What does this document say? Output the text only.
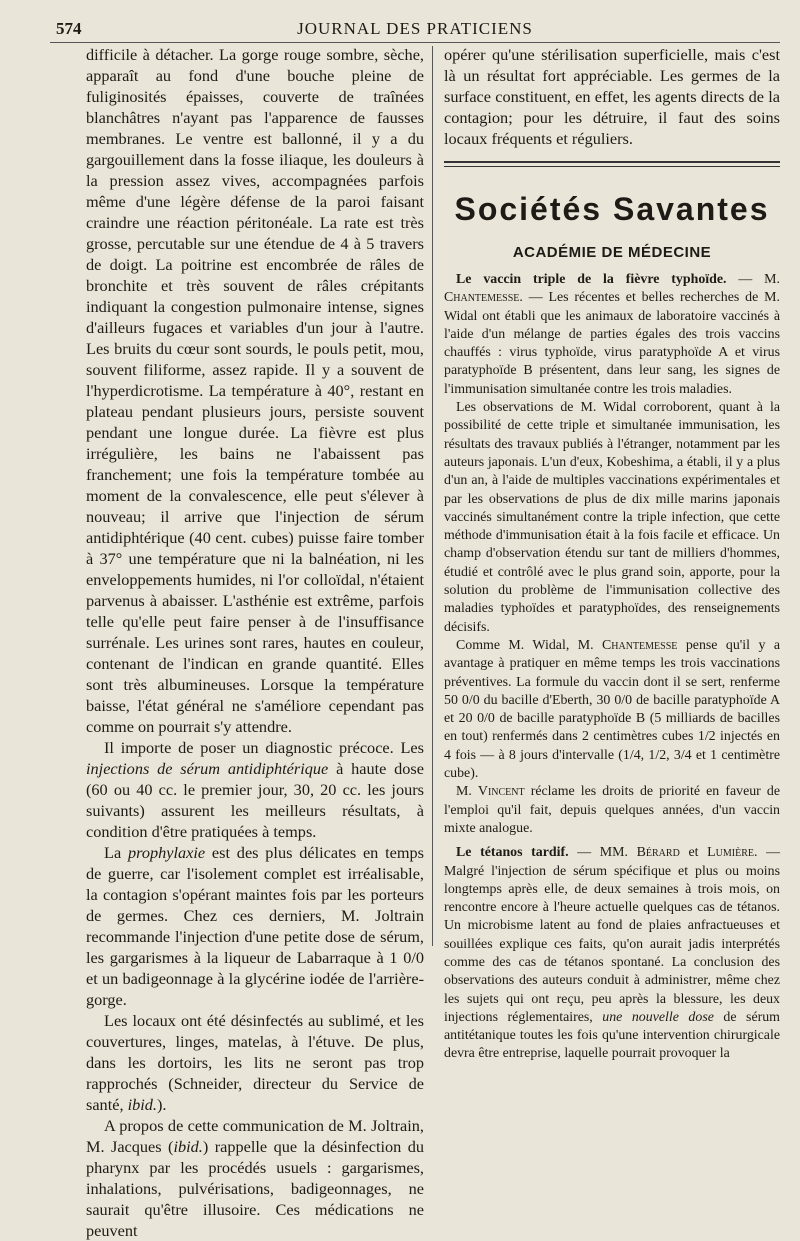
574	JOURNAL DES PRATICIENS

difficile à détacher. La gorge rouge sombre, sèche, apparaît au fond d'une bouche pleine de fuliginosités épaisses, couverte de traînées blanchâtres n'ayant pas l'apparence de fausses membranes. Le ventre est ballonné, il y a du gargouillement dans la fosse iliaque, les douleurs à la pression assez vives, accompagnées parfois même d'une légère défense de la paroi faisant craindre une réaction péritonéale. La rate est très grosse, percutable sur une étendue de 4 à 5 travers de doigt. La poitrine est encombrée de râles de bronchite et très souvent de râles crépitants indiquant la congestion pulmonaire intense, signes d'ailleurs fugaces et variables d'un jour à l'autre. Les bruits du cœur sont sourds, le pouls petit, mou, souvent filiforme, assez rapide. Il y a souvent de l'hyperdicrotisme. La température à 40°, restant en plateau pendant plusieurs jours, persiste souvent pendant une longue durée. La fièvre est plus irrégulière, les bains ne l'abaissent pas franchement; une fois la température tombée au moment de la convalescence, elle peut s'élever à nouveau; il arrive que l'injection de sérum antidiphtérique (40 cent. cubes) puisse faire tomber à 37° une température que ni la balnéation, ni les enveloppements humides, ni l'or colloïdal, n'étaient parvenus à abaisser. L'asthénie est extrême, parfois telle qu'elle peut faire penser à de l'insuffisance surrénale. Les urines sont rares, hautes en couleur, contenant de l'indican en grande quantité. Elles sont très albumineuses. Lorsque la température baisse, l'état général ne s'améliore cependant pas comme on pourrait s'y attendre.

Il importe de poser un diagnostic précoce. Les injections de sérum antidiphtérique à haute dose (60 ou 40 cc. le premier jour, 30, 20 cc. les jours suivants) assurent les meilleurs résultats, à condition d'être pratiquées à temps.

La prophylaxie est des plus délicates en temps de guerre, car l'isolement complet est irréalisable, la contagion s'opérant maintes fois par les porteurs de germes. Chez ces derniers, M. Joltrain recommande l'injection d'une petite dose de sérum, les gargarismes à la liqueur de Labarraque à 1 0/0 et un badigeonnage à la glycérine iodée de l'arrière-gorge.

Les locaux ont été désinfectés au sublimé, et les couvertures, linges, matelas, à l'étuve. De plus, dans les dortoirs, les lits ne seront pas trop rapprochés (Schneider, directeur du Service de santé, ibid.).

A propos de cette communication de M. Joltrain, M. Jacques (ibid.) rappelle que la désinfection du pharynx par les procédés usuels : gargarismes, inhalations, pulvérisations, badigeonnages, ne saurait qu'être illusoire. Ces médications ne peuvent

opérer qu'une stérilisation superficielle, mais c'est là un résultat fort appréciable. Les germes de la surface constituent, en effet, les agents directs de la contagion; pour les détruire, il faut des soins locaux fréquents et réguliers.

Sociétés Savantes
ACADÉMIE DE MÉDECINE

Le vaccin triple de la fièvre typhoïde. — M. Chantemesse. — Les récentes et belles recherches de M. Widal ont établi que les animaux de laboratoire vaccinés à l'aide d'un mélange de parties égales des trois vaccins chauffés : virus typhoïde, virus paratyphoïde A et virus paratyphoïde B présentent, dans leur sang, les signes de l'immunisation simultanée contre les trois maladies.

Les observations de M. Widal corroborent, quant à la possibilité de cette triple et simultanée immunisation, les résultats des travaux publiés à l'étranger, notamment par les auteurs japonais. L'un d'eux, Kobeshima, a établi, il y a plus d'un an, à l'aide de multiples vaccinations expérimentales et par les observations de plus de dix mille marins japonais vaccinés simultanément contre la triple infection, que cette méthode d'immunisation était à la fois facile et efficace. Un champ d'observation étendu sur tant de milliers d'hommes, étudié et contrôlé avec le plus grand soin, apporte, pour la solution du problème de l'immunisation collective des maladies typhoïdes et paratyphoïdes, des renseignements décisifs.

Comme M. Widal, M. Chantemesse pense qu'il y a avantage à pratiquer en même temps les trois vaccinations préventives. La formule du vaccin dont il se sert, renferme 50 0/0 du bacille d'Eberth, 30 0/0 de bacille paratyphoïde A et 20 0/0 de bacille paratyphoïde B (5 milliards de bacilles en tout) renfermés dans 2 centimètres cubes 1/2 injectés en 4 fois — à 8 jours d'intervalle (1/4, 1/2, 3/4 et 1 centimètre cube).

M. Vincent réclame les droits de priorité en faveur de l'emploi qu'il fait, depuis quelques années, d'un vaccin mixte analogue.

Le tétanos tardif. — MM. Bérard et Lumière. — Malgré l'injection de sérum spécifique et plus ou moins longtemps après elle, de deux semaines à trois mois, on rencontre encore à l'heure actuelle quelques cas de tétanos. Un microbisme latent au fond de plaies anfractueuses et souillées explique ces faits, qu'on aurait jadis interprétés comme des cas de tétanos spontané. La conclusion des observations des auteurs conduit à administrer, même chez les sujets qui ont reçu, peu après la blessure, les deux injections réglementaires, une nouvelle dose de sérum antitétanique toutes les fois qu'une intervention chirurgicale devra être entreprise, laquelle pourrait provoquer la
